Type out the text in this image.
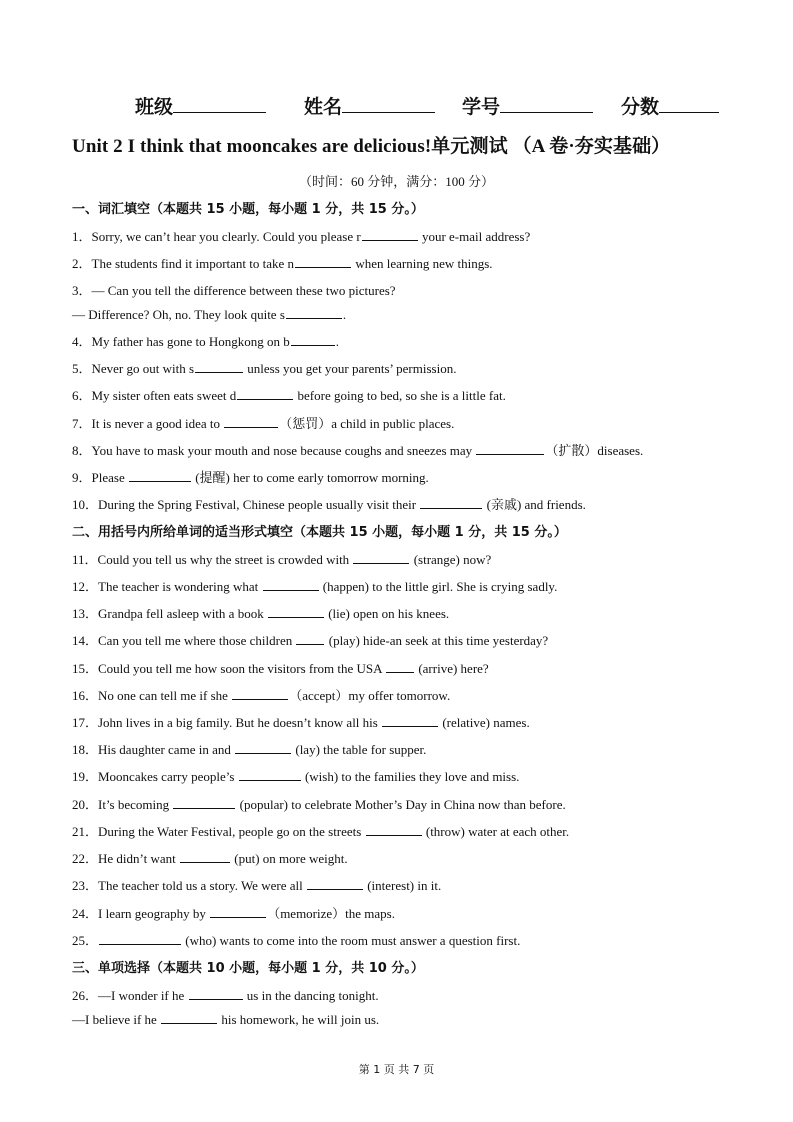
班级	姓名	学号	分数
Unit 2 I think that mooncakes are delicious!单元测试 （A 卷·夯实基础）
（时间：60 分钟，满分：100 分）
一、词汇填空（本题共 15 小题，每小题 1 分，共 15 分。）
1．Sorry, we can’t hear you clearly. Could you please r	your e-mail address?
2．The students find it important to take n	when learning new things.
3．— Can you tell the difference between these two pictures?
— Difference? Oh, no. They look quite s	.
4．My father has gone to Hongkong on b	.
5．Never go out with s	unless you get your parents’ permission.
6．My sister often eats sweet d	before going to bed, so she is a little fat.
7．It is never a good idea to	（惩罚）a child in public places.
8．You have to mask your mouth and nose because coughs and sneezes may	（扩散）diseases.
9．Please	(提醒) her to come early tomorrow morning.
10．During the Spring Festival, Chinese people usually visit their	(亲戚) and friends.
二、用括号内所给单词的适当形式填空（本题共 15 小题，每小题 1 分，共 15 分。）
11．Could you tell us why the street is crowded with	(strange) now?
12．The teacher is wondering what	(happen) to the little girl. She is crying sadly.
13．Grandpa fell asleep with a book	(lie) open on his knees.
14．Can you tell me where those children  (play) hide-an seek at this time yesterday?
15．Could you tell me how soon the visitors from the USA  (arrive) here?
16．No one can tell me if she	（accept）my offer tomorrow.
17．John lives in a big family. But he doesn’t know all his	(relative) names.
18．His daughter came in and	(lay) the table for supper.
19．Mooncakes carry people’s	(wish) to the families they love and miss.
20．It’s becoming	(popular) to celebrate Mother’s Day in China now than before.
21．During the Water Festival, people go on the streets	(throw) water at each other.
22．He didn’t want	(put) on more weight.
23．The teacher told us a story. We were all	(interest) in it.
24．I learn geography by	（memorize）the maps.
25．	(who) wants to come into the room must answer a question first.
三、单项选择（本题共 10 小题，每小题 1 分，共 10 分。）
26．—I wonder if he	us in the dancing tonight.
—I believe if he	his homework, he will join us.
第 1 页 共 7 页
